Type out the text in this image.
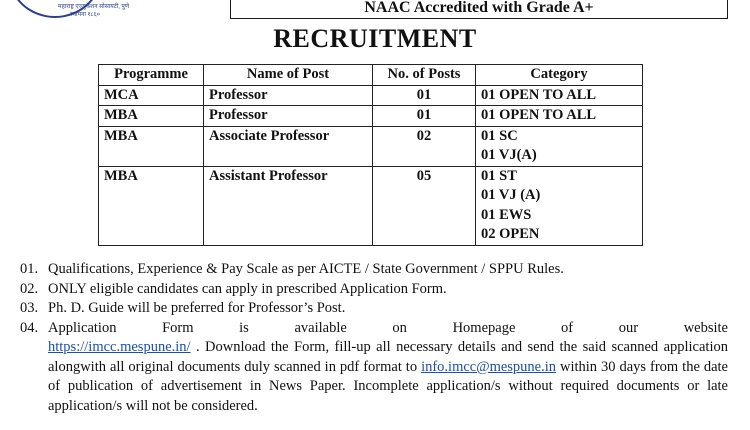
महाराष्ट्र एज्युकेशन सोसायटी, पुणे
स्थापना १८६०	NAAC Accredited with Grade A+
RECRUITMENT
Programme	Name of Post	No. of Posts	Category
MCA	Professor	01	01 OPEN TO ALL

MBA	Professor	01	01 OPEN TO ALL

MBA	Associate Professor	02	01 SC
01 VJ(A)

MBA	Assistant Professor	05	01 ST
01 VJ (A)
01 EWS
02 OPEN
01. Qualifications, Experience & Pay Scale as per AICTE / State Government / SPPU Rules.
02. ONLY eligible candidates can apply in prescribed Application Form.
03. Ph. D. Guide will be preferred for Professor’s Post.
04. Application Form is available on Homepage of our website
https://imcc.mespune.in/ . Download the Form, fill-up all necessary details and send the said scanned application alongwith all original documents duly scanned in pdf format to info.imcc@mespune.in within 30 days from the date of publication of advertisement in News Paper. Incomplete application/s without required documents or late application/s will not be considered.
